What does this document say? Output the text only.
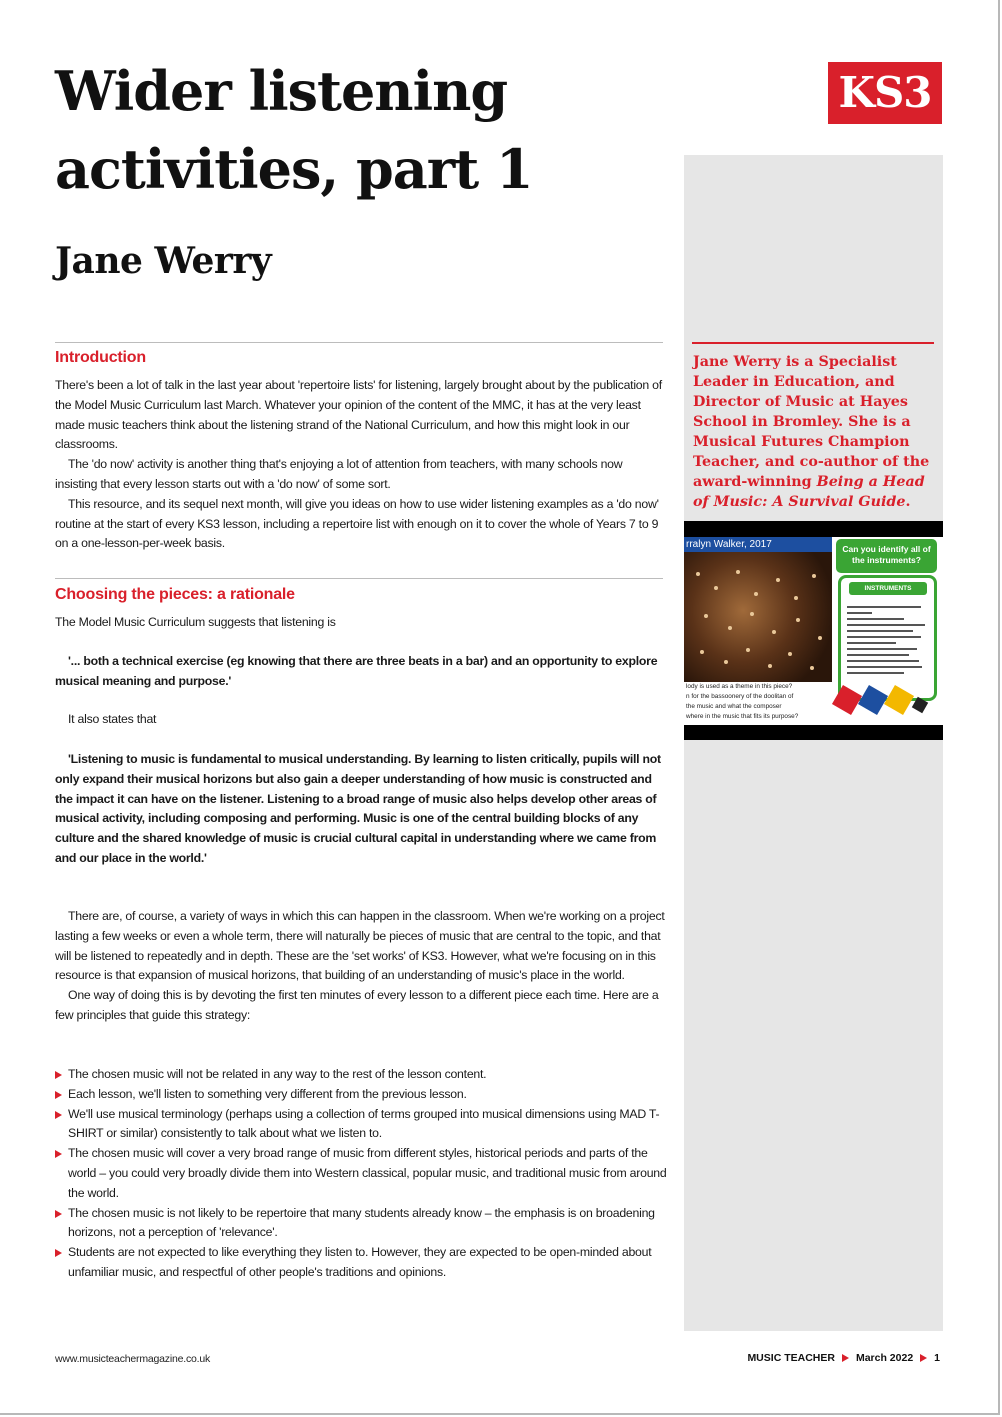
Wider listening activities, part 1
Jane Werry
KS3
Jane Werry is a Specialist Leader in Education, and Director of Music at Hayes School in Bromley. She is a Musical Futures Champion Teacher, and co-author of the award-winning Being a Head of Music: A Survival Guide.
rralyn Walker, 2017
lody is used as a theme in this piece?
n for the bassoonery of the doolitan of
the music and what the composer
where in the music that fits its purpose?
Can you identify all of the instruments?
INSTRUMENTS
Introduction

There's been a lot of talk in the last year about 'repertoire lists' for listening, largely brought about by the publication of the Model Music Curriculum last March. Whatever your opinion of the content of the MMC, it has at the very least made music teachers think about the listening strand of the National Curriculum, and how this might look in our classrooms.

The 'do now' activity is another thing that's enjoying a lot of attention from teachers, with many schools now insisting that every lesson starts out with a 'do now' of some sort.

This resource, and its sequel next month, will give you ideas on how to use wider listening examples as a 'do now' routine at the start of every KS3 lesson, including a repertoire list with enough on it to cover the whole of Years 7 to 9 on a one-lesson-per-week basis.

Choosing the pieces: a rationale

The Model Music Curriculum suggests that listening is

'... both a technical exercise (eg knowing that there are three beats in a bar) and an opportunity to explore musical meaning and purpose.'

It also states that

'Listening to music is fundamental to musical understanding. By learning to listen critically, pupils will not only expand their musical horizons but also gain a deeper understanding of how music is constructed and the impact it can have on the listener. Listening to a broad range of music also helps develop other areas of musical activity, including composing and performing. Music is one of the central building blocks of any culture and the shared knowledge of music is crucial cultural capital in understanding where we came from and our place in the world.'

There are, of course, a variety of ways in which this can happen in the classroom. When we're working on a project lasting a few weeks or even a whole term, there will naturally be pieces of music that are central to the topic, and that will be listened to repeatedly and in depth. These are the 'set works' of KS3. However, what we're focusing on in this resource is that expansion of musical horizons, that building of an understanding of music's place in the world.

One way of doing this is by devoting the first ten minutes of every lesson to a different piece each time. Here are a few principles that guide this strategy:

The chosen music will not be related in any way to the rest of the lesson content.
Each lesson, we'll listen to something very different from the previous lesson.
We'll use musical terminology (perhaps using a collection of terms grouped into musical dimensions using MAD T-SHIRT or similar) consistently to talk about what we listen to.
The chosen music will cover a very broad range of music from different styles, historical periods and parts of the world – you could very broadly divide them into Western classical, popular music, and traditional music from around the world.
The chosen music is not likely to be repertoire that many students already know – the emphasis is on broadening horizons, not a perception of 'relevance'.
Students are not expected to like everything they listen to. However, they are expected to be open-minded about unfamiliar music, and respectful of other people's traditions and opinions.
www.musicteachermagazine.co.uk	MUSIC TEACHER March 2022 1
